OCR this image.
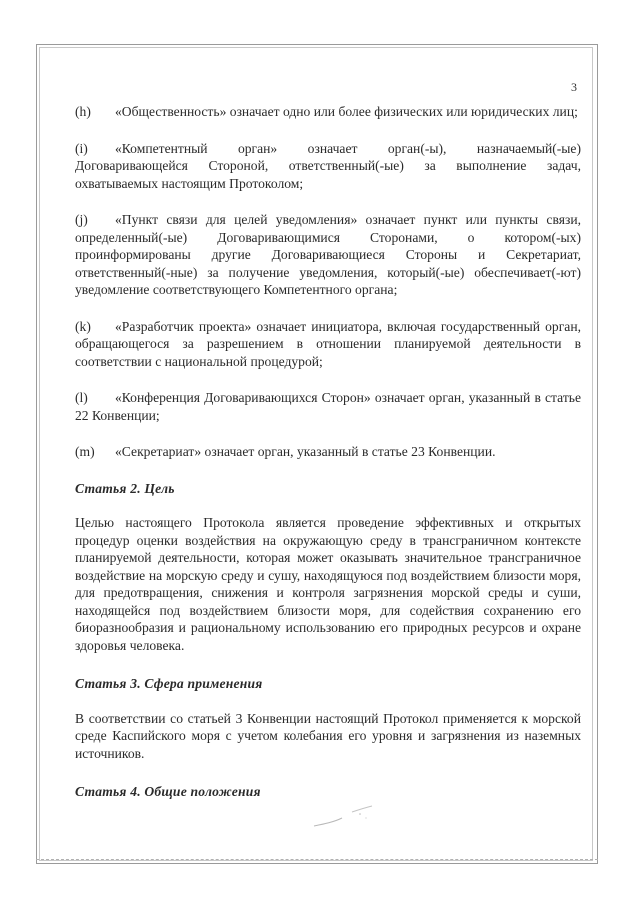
3

(h) «Общественность» означает одно или более физических или юридических лиц;

(i) «Компетентный орган» означает орган(-ы), назначаемый(-ые) Договаривающейся Стороной, ответственный(-ые) за выполнение задач, охватываемых настоящим Протоколом;

(j) «Пункт связи для целей уведомления» означает пункт или пункты связи, определенный(-ые) Договаривающимися Сторонами, о котором(-ых) проинформированы другие Договаривающиеся Стороны и Секретариат, ответственный(-ные) за получение уведомления, который(-ые) обеспечивает(-ют) уведомление соответствующего Компетентного органа;

(k) «Разработчик проекта» означает инициатора, включая государственный орган, обращающегося за разрешением в отношении планируемой деятельности в соответствии с национальной процедурой;

(l) «Конференция Договаривающихся Сторон» означает орган, указанный в статье 22 Конвенции;

(m) «Секретариат» означает орган, указанный в статье 23 Конвенции.

Статья 2. Цель

Целью настоящего Протокола является проведение эффективных и открытых процедур оценки воздействия на окружающую среду в трансграничном контексте планируемой деятельности, которая может оказывать значительное трансграничное воздействие на морскую среду и сушу, находящуюся под воздействием близости моря, для предотвращения, снижения и контроля загрязнения морской среды и суши, находящейся под воздействием близости моря, для содействия сохранению его биоразнообразия и рациональному использованию его природных ресурсов и охране здоровья человека.

Статья 3. Сфера применения

В соответствии со статьей 3 Конвенции настоящий Протокол применяется к морской среде Каспийского моря с учетом колебания его уровня и загрязнения из наземных источников.

Статья 4. Общие положения
